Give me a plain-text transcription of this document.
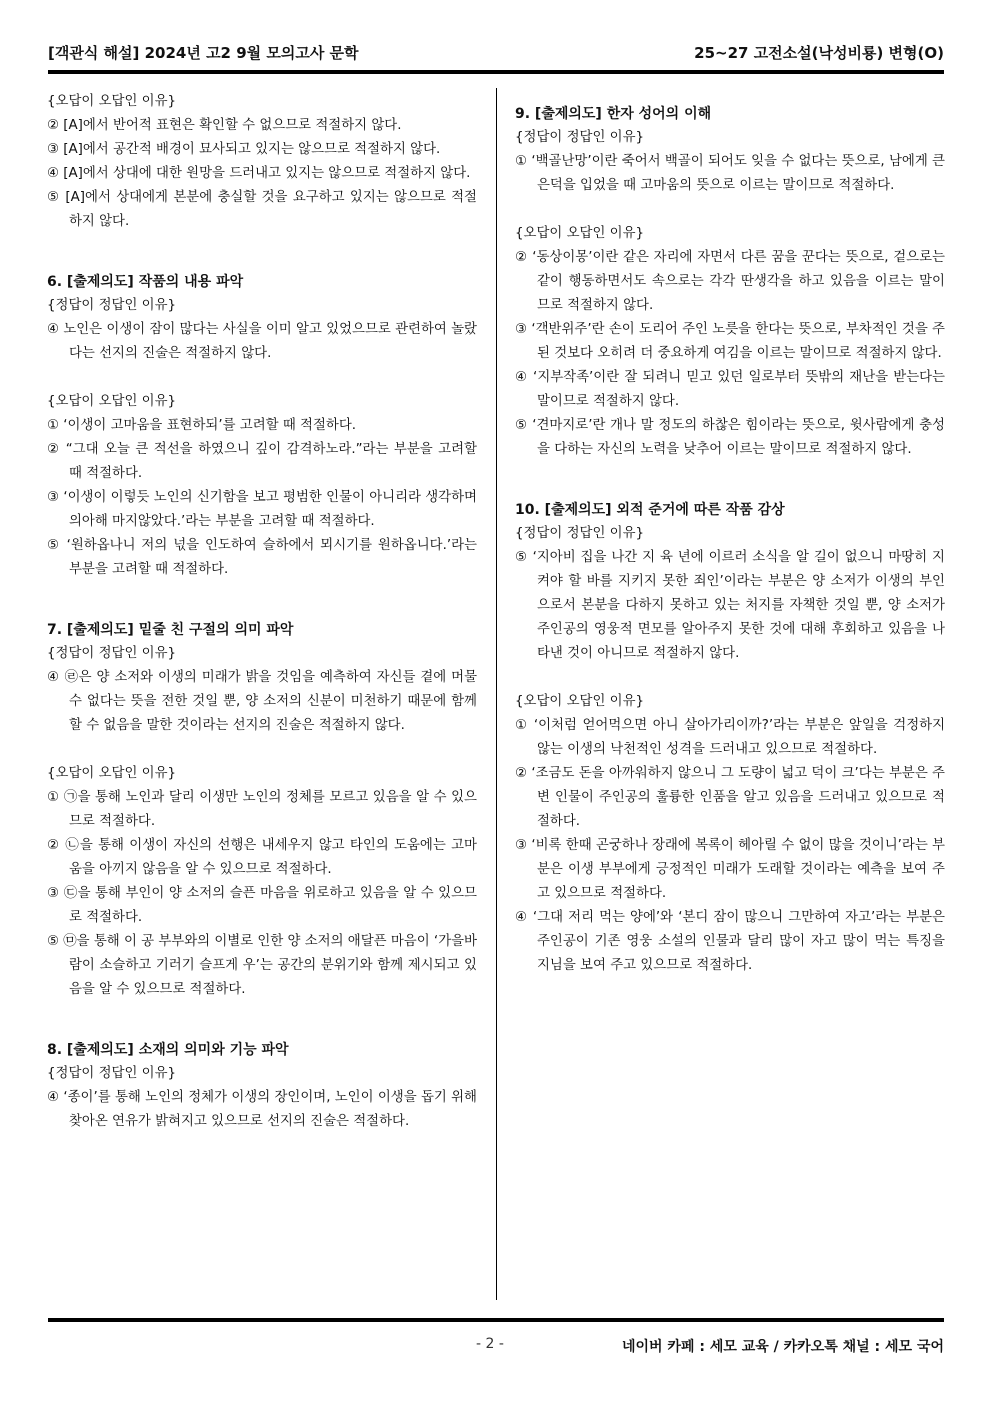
[객관식 해설] 2024년 고2 9월 모의고사 문학	25~27 고전소설(낙성비룡) 변형(O)

{오답이 오답인 이유}

② [A]에서 반어적 표현은 확인할 수 없으므로 적절하지 않다.

③ [A]에서 공간적 배경이 묘사되고 있지는 않으므로 적절하지 않다.

④ [A]에서 상대에 대한 원망을 드러내고 있지는 않으므로 적절하지 않다.

⑤ [A]에서 상대에게 본분에 충실할 것을 요구하고 있지는 않으므로 적절하지 않다.

6. [출제의도] 작품의 내용 파악

{정답이 정답인 이유}

④ 노인은 이생이 잠이 많다는 사실을 이미 알고 있었으므로 관련하여 놀랐다는 선지의 진술은 적절하지 않다.

{오답이 오답인 이유}

① ‘이생이 고마움을 표현하되’를 고려할 때 적절하다.

② “그대 오늘 큰 적선을 하였으니 깊이 감격하노라.”라는 부분을 고려할 때 적절하다.

③ ‘이생이 이렇듯 노인의 신기함을 보고 평범한 인물이 아니리라 생각하며 의아해 마지않았다.’라는 부분을 고려할 때 적절하다.

⑤ ‘원하옵나니 저의 넋을 인도하여 슬하에서 뫼시기를 원하옵니다.’라는 부분을 고려할 때 적절하다.

7. [출제의도] 밑줄 친 구절의 의미 파악

{정답이 정답인 이유}

④ ㉣은 양 소저와 이생의 미래가 밝을 것임을 예측하여 자신들 곁에 머물 수 없다는 뜻을 전한 것일 뿐, 양 소저의 신분이 미천하기 때문에 함께 할 수 없음을 말한 것이라는 선지의 진술은 적절하지 않다.

{오답이 오답인 이유}

① ㉠을 통해 노인과 달리 이생만 노인의 정체를 모르고 있음을 알 수 있으므로 적절하다.

② ㉡을 통해 이생이 자신의 선행은 내세우지 않고 타인의 도움에는 고마움을 아끼지 않음을 알 수 있으므로 적절하다.

③ ㉢을 통해 부인이 양 소저의 슬픈 마음을 위로하고 있음을 알 수 있으므로 적절하다.

⑤ ㉤을 통해 이 공 부부와의 이별로 인한 양 소저의 애달픈 마음이 ‘가을바람이 소슬하고 기러기 슬프게 우’는 공간의 분위기와 함께 제시되고 있음을 알 수 있으므로 적절하다.

8. [출제의도] 소재의 의미와 기능 파악

{정답이 정답인 이유}

④ ‘종이’를 통해 노인의 정체가 이생의 장인이며, 노인이 이생을 돕기 위해 찾아온 연유가 밝혀지고 있으므로 선지의 진술은 적절하다.

9. [출제의도] 한자 성어의 이해

{정답이 정답인 이유}

① ‘백골난망’이란 죽어서 백골이 되어도 잊을 수 없다는 뜻으로, 남에게 큰 은덕을 입었을 때 고마움의 뜻으로 이르는 말이므로 적절하다.

{오답이 오답인 이유}

② ‘동상이몽’이란 같은 자리에 자면서 다른 꿈을 꾼다는 뜻으로, 겉으로는 같이 행동하면서도 속으로는 각각 딴생각을 하고 있음을 이르는 말이므로 적절하지 않다.

③ ‘객반위주’란 손이 도리어 주인 노릇을 한다는 뜻으로, 부차적인 것을 주된 것보다 오히려 더 중요하게 여김을 이르는 말이므로 적절하지 않다.

④ ‘지부작족’이란 잘 되려니 믿고 있던 일로부터 뜻밖의 재난을 받는다는 말이므로 적절하지 않다.

⑤ ‘견마지로’란 개나 말 정도의 하찮은 힘이라는 뜻으로, 윗사람에게 충성을 다하는 자신의 노력을 낮추어 이르는 말이므로 적절하지 않다.

10. [출제의도] 외적 준거에 따른 작품 감상

{정답이 정답인 이유}

⑤ ‘지아비 집을 나간 지 육 년에 이르러 소식을 알 길이 없으니 마땅히 지켜야 할 바를 지키지 못한 죄인’이라는 부분은 양 소저가 이생의 부인으로서 본분을 다하지 못하고 있는 처지를 자책한 것일 뿐, 양 소저가 주인공의 영웅적 면모를 알아주지 못한 것에 대해 후회하고 있음을 나타낸 것이 아니므로 적절하지 않다.

{오답이 오답인 이유}

① ‘이처럼 얻어먹으면 아니 살아가리이까?’라는 부분은 앞일을 걱정하지 않는 이생의 낙천적인 성격을 드러내고 있으므로 적절하다.

② ‘조금도 돈을 아까워하지 않으니 그 도량이 넓고 덕이 크’다는 부분은 주변 인물이 주인공의 훌륭한 인품을 알고 있음을 드러내고 있으므로 적절하다.

③ ‘비록 한때 곤궁하나 장래에 복록이 헤아릴 수 없이 많을 것이니’라는 부분은 이생 부부에게 긍정적인 미래가 도래할 것이라는 예측을 보여 주고 있으므로 적절하다.

④ ‘그대 저리 먹는 양에’와 ‘본디 잠이 많으니 그만하여 자고’라는 부분은 주인공이 기존 영웅 소설의 인물과 달리 많이 자고 많이 먹는 특징을 지님을 보여 주고 있으므로 적절하다.

- 2 -	네이버 카페 : 세모 교육 / 카카오톡 채널 : 세모 국어
